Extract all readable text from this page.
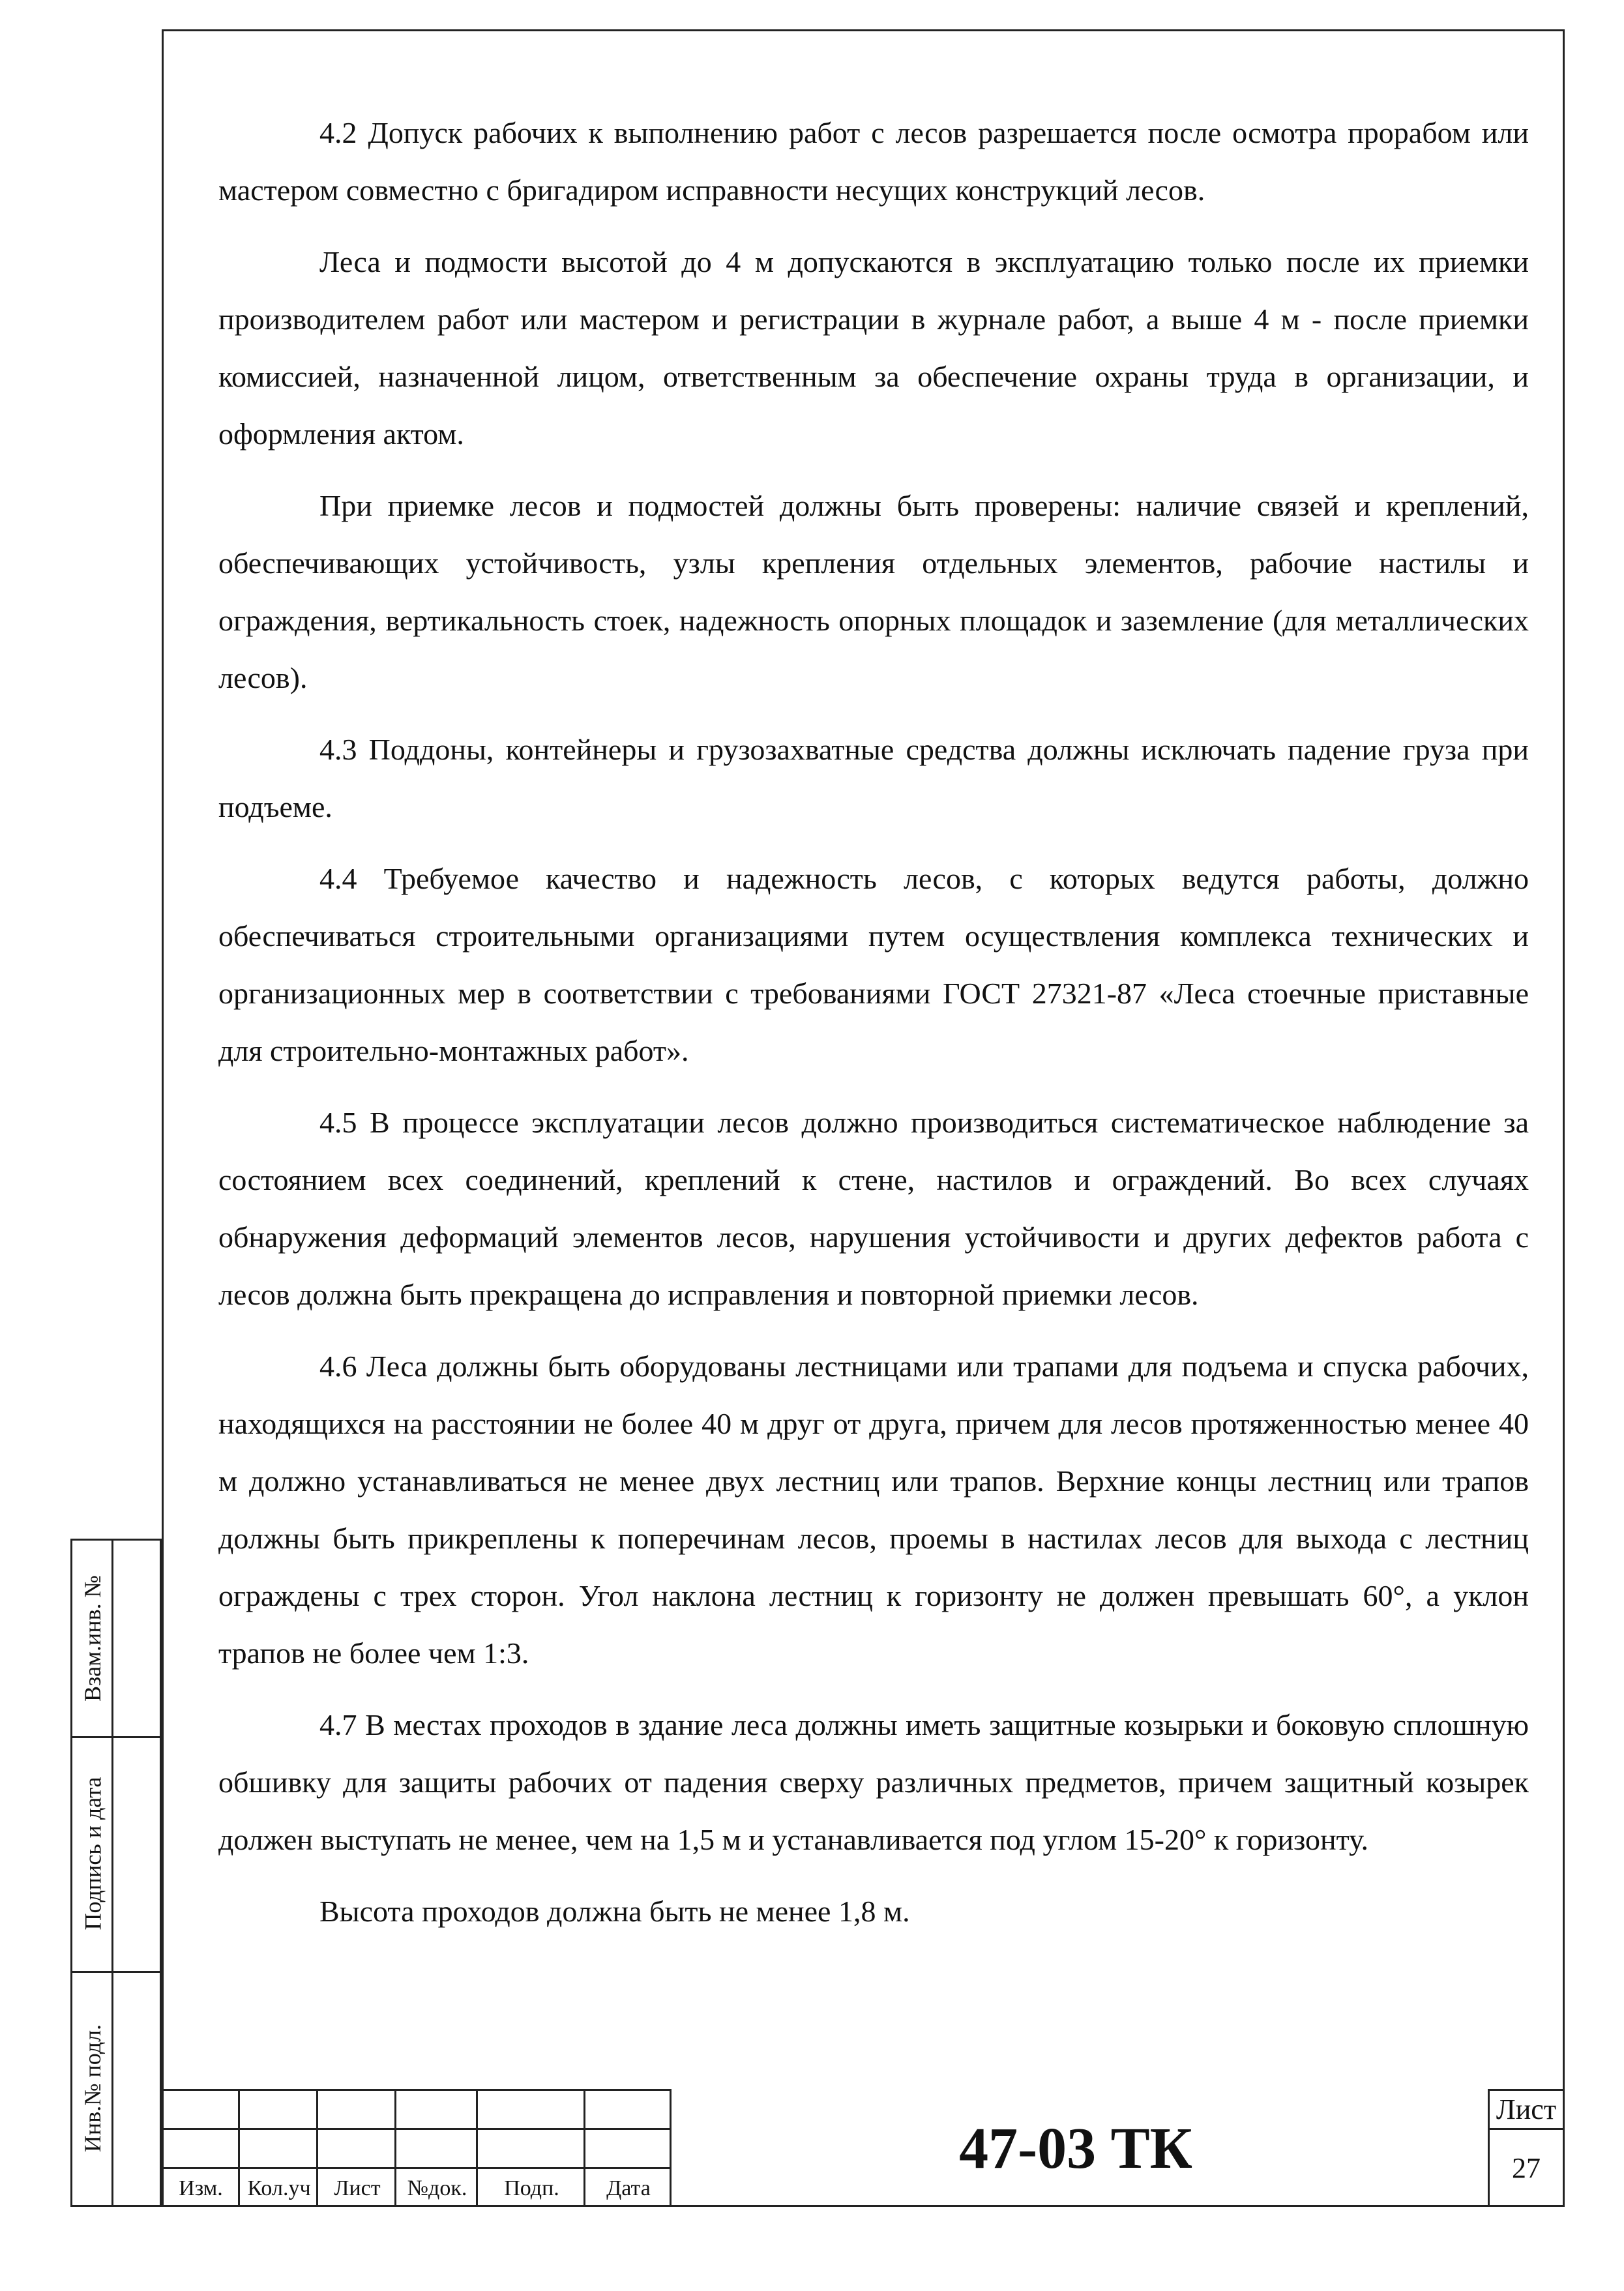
4.2 Допуск рабочих к выполнению работ с лесов разрешается после осмотра прорабом или мастером совместно с бригадиром исправности несущих конструкций лесов.

Леса и подмости высотой до 4 м допускаются в эксплуатацию только после их приемки производителем работ или мастером и регистрации в журнале работ, а выше 4 м - после приемки комиссией, назначенной лицом, ответственным за обеспечение охраны труда в организации, и оформления актом.

При приемке лесов и подмостей должны быть проверены: наличие связей и креплений, обеспечивающих устойчивость, узлы крепления отдельных элементов, рабочие настилы и ограждения, вертикальность стоек, надежность опорных площадок и заземление (для металлических лесов).

4.3 Поддоны, контейнеры и грузозахватные средства должны исключать падение груза при подъеме.

4.4 Требуемое качество и надежность лесов, с которых ведутся работы, должно обеспечиваться строительными организациями путем осуществления комплекса технических и организационных мер в соответствии с требованиями ГОСТ 27321-87 «Леса стоечные приставные для строительно-монтажных работ».

4.5 В процессе эксплуатации лесов должно производиться систематическое наблюдение за состоянием всех соединений, креплений к стене, настилов и ограждений. Во всех случаях обнаружения деформаций элементов лесов, нарушения устойчивости и других дефектов работа с лесов должна быть прекращена до исправления и повторной приемки лесов.

4.6 Леса должны быть оборудованы лестницами или трапами для подъема и спуска рабочих, находящихся на расстоянии не более 40 м друг от друга, причем для лесов протяженностью менее 40 м должно устанавливаться не менее двух лестниц или трапов. Верхние концы лестниц или трапов должны быть прикреплены к поперечинам лесов, проемы в настилах лесов для выхода с лестниц ограждены с трех сторон. Угол наклона лестниц к горизонту не должен превышать 60°, а уклон трапов не более чем 1:3.

4.7 В местах проходов в здание леса должны иметь защитные козырьки и боковую сплошную обшивку для защиты рабочих от падения сверху различных предметов, причем защитный козырек должен выступать не менее, чем на 1,5 м и устанавливается под углом 15-20° к горизонту.

Высота проходов должна быть не менее 1,8 м.

Взам.инв. №
Подпись и дата
Инв.№ подл.
Изм.	Кол.уч	Лист	№док.	Подп.	Дата
47-03 ТК
Лист
27
